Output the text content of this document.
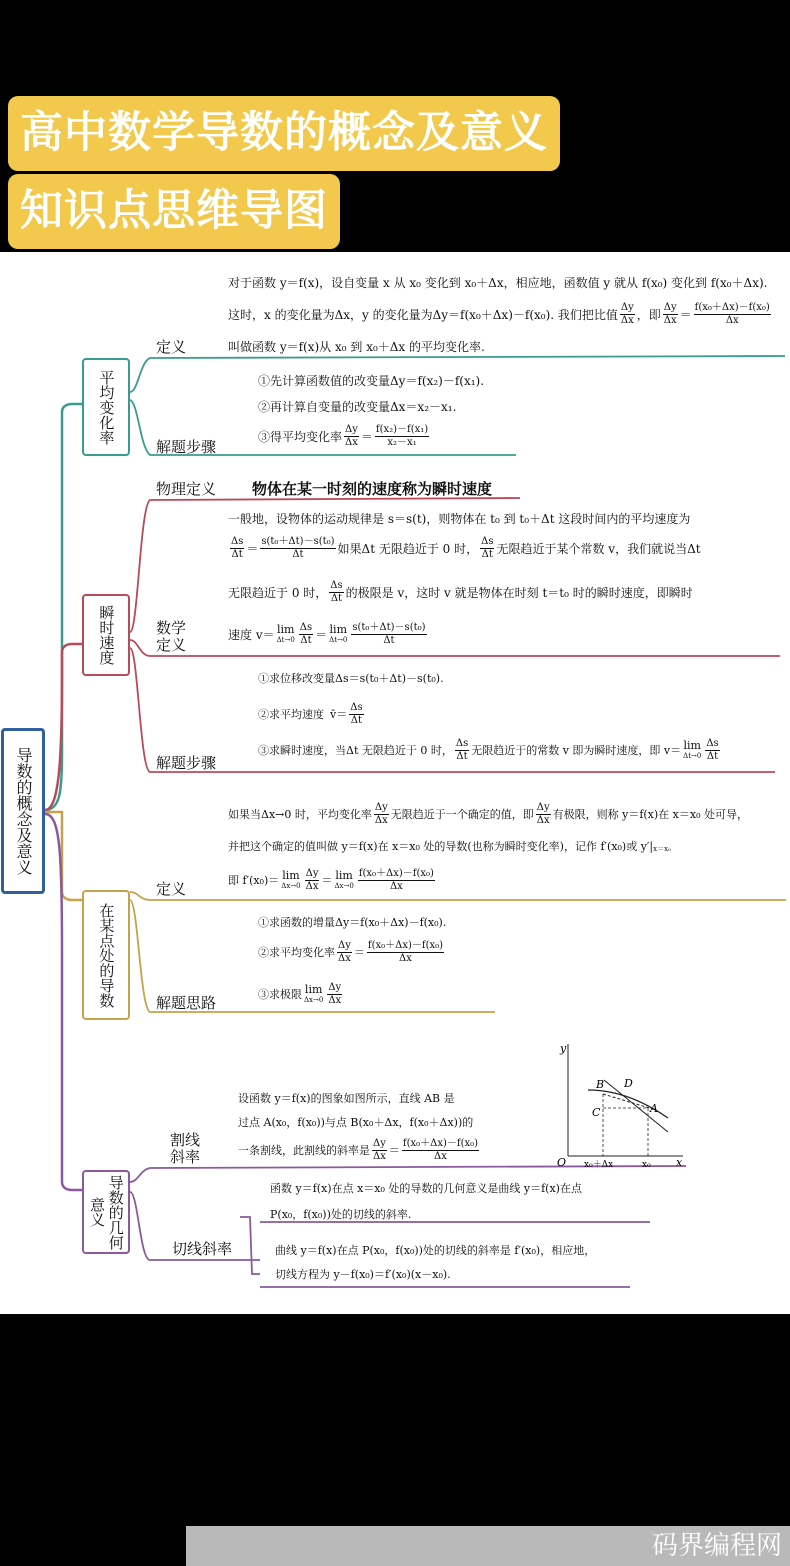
高中数学导数的概念及意义
知识点思维导图
导数的概念及意义
平均变化率
瞬时速度
在某点处的导数
导数的几何意义
定义
对于函数 y＝f(x)，设自变量 x 从 x₀ 变化到 x₀＋Δx，相应地，函数值 y 就从 f(x₀) 变化到 f(x₀＋Δx).
这时，x 的变化量为Δx，y 的变化量为Δy＝f(x₀＋Δx)－f(x₀). 我们把比值 $\frac{\Delta y}{\Delta x}$ ，即 $\frac{\Delta y}{\Delta x} = \frac{\text{f(x₀＋Δx)－f(x₀)}}{\Delta x}$
叫做函数 y＝f(x)从 x₀ 到 x₀＋Δx 的平均变化率.
解题步骤
①先计算函数值的改变量Δy＝f(x₂)－f(x₁).
②再计算自变量的改变量Δx＝x₂－x₁.
③得平均变化率 $\frac{\Delta y}{\Delta x} = \frac{\text{f(x₂)－f(x₁)}}{\text{x₂－x₁}}$
物理定义 物体在某一时刻的速度称为瞬时速度
数学定义
一般地，设物体的运动规律是 s＝s(t)，则物体在 t₀ 到 t₀＋Δt 这段时间内的平均速度为
$\frac{\Delta s}{\Delta t} = \frac{\text{s(t₀＋Δt)－s(t₀)}}{\Delta t}$ 如果Δt 无限趋近于 0 时， $\frac{\Delta s}{\Delta t}$ 无限趋近于某个常数 v，我们就说当Δt
无限趋近于 0 时， $\frac{\Delta s}{\Delta t}$ 的极限是 v，这时 v 就是物体在时刻 t＝t₀ 时的瞬时速度，即瞬时
速度 v＝ lim
$\Delta t\to 0 \frac{\Delta s}{\Delta t} = \lim$
$\Delta t\to 0 \frac{\text{s(t₀＋Δt)－s(t₀)}}{\Delta t}$
解题步骤
①求位移改变量Δs＝s(t₀＋Δt)－s(t₀).
②求平均速度 v̄＝ $\frac{\Delta s}{\Delta t}$
③求瞬时速度，当Δt 无限趋近于 0 时， $\frac{\Delta s}{\Delta t}$ 无限趋近于的常数 v 即为瞬时速度，即 v＝ lim
$\Delta t\to 0 \frac{\Delta s}{\Delta t}$
定义
如果当Δx→0 时，平均变化率 $\frac{\Delta y}{\Delta x}$ 无限趋近于一个确定的值，即 $\frac{\Delta y}{\Delta x}$ 有极限，则称 y＝f(x)在 x＝x₀ 处可导，
并把这个确定的值叫做 y＝f(x)在 x＝x₀ 处的导数(也称为瞬时变化率)，记作 f′(x₀)或 y′| x＝x₀
即 f′(x₀)＝ lim
$\Delta x\to 0 \frac{\Delta y}{\Delta x} = \lim$
$\Delta x\to 0 \frac{\text{f(x₀＋Δx)－f(x₀)}}{\Delta x}$
解题思路
①求函数的增量Δy＝f(x₀＋Δx)－f(x₀).
②求平均变化率 $\frac{\Delta y}{\Delta x} = \frac{\text{f(x₀＋Δx)－f(x₀)}}{\Delta x}$
③求极限 lim
$\Delta x\to 0 \frac{\Delta y}{\Delta x}$
割线斜率
设函数 y＝f(x)的图象如图所示，直线 AB 是
过点 A(x₀，f(x₀))与点 B(x₀＋Δx，f(x₀＋Δx))的
一条割线，此割线的斜率是 $\frac{\Delta y}{\Delta x} = \frac{\text{f(x₀＋Δx)－f(x₀)}}{\Delta x}$
切线斜率
函数 y＝f(x)在点 x＝x₀ 处的导数的几何意义是曲线 y＝f(x)在点
P(x₀，f(x₀))处的切线的斜率.
曲线 y＝f(x)在点 P(x₀，f(x₀))处的切线的斜率是 f′(x₀)，相应地，
切线方程为 y－f(x₀)＝f′(x₀)(x－x₀).
y
x
O
B D
C	A
x₀＋Δx	x₀
码界编程网
